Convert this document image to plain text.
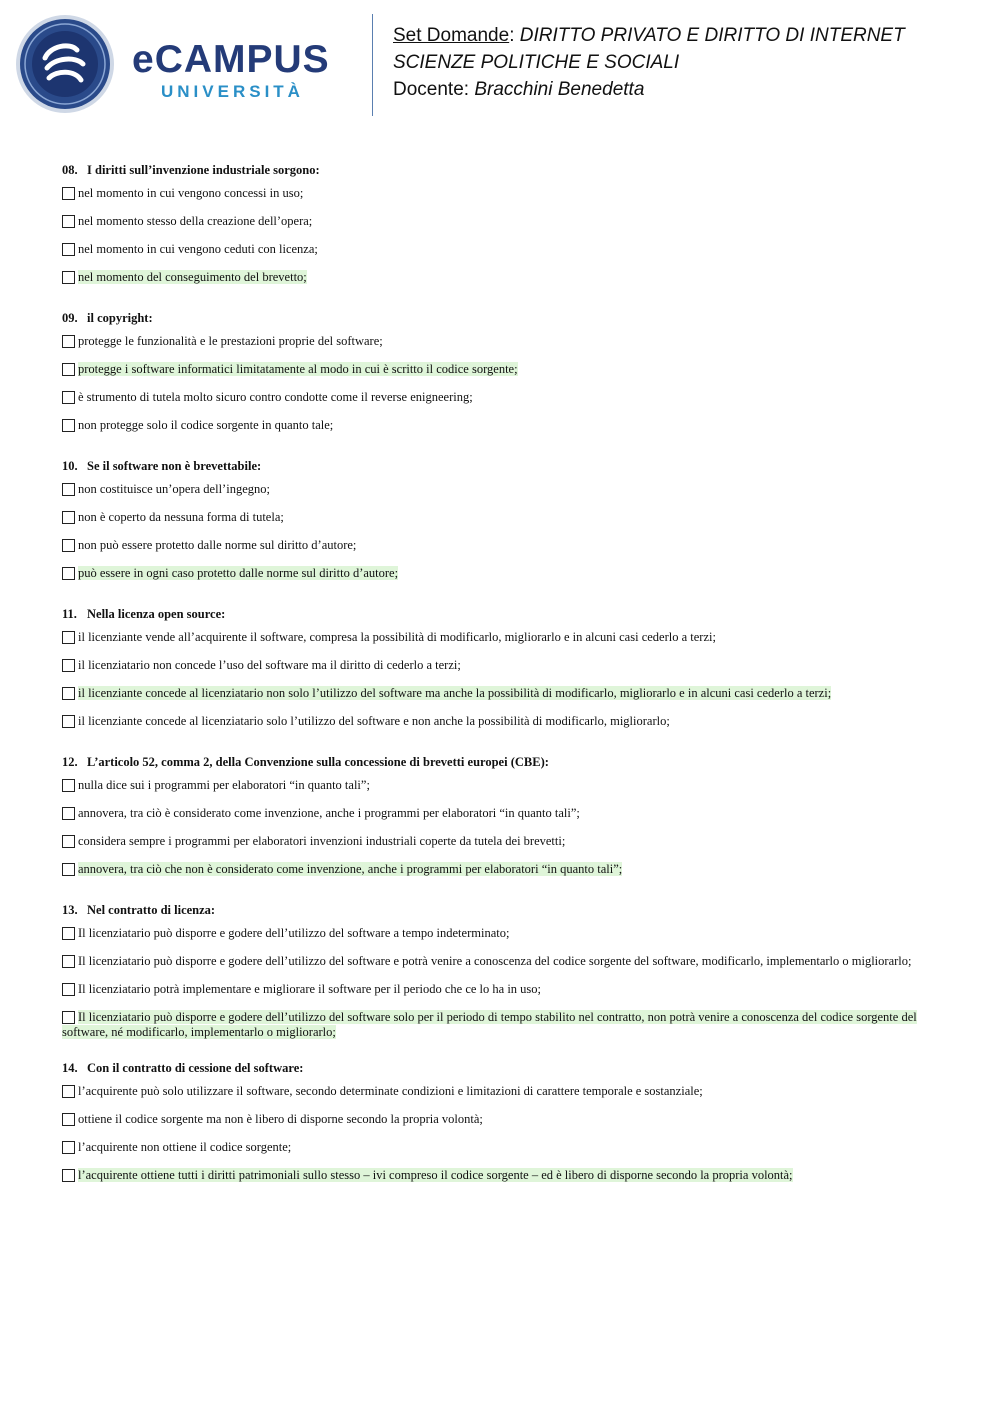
eCAMPUS
UNIVERSITÀ
Set Domande: DIRITTO PRIVATO E DIRITTO DI INTERNET
SCIENZE POLITICHE E SOCIALI
Docente: Bracchini Benedetta
08. I diritti sull’invenzione industriale sorgono:
nel momento in cui vengono concessi in uso;
nel momento stesso della creazione dell’opera;
nel momento in cui vengono ceduti con licenza;
nel momento del conseguimento del brevetto;
09. il copyright:
protegge le funzionalità e le prestazioni proprie del software;
protegge i software informatici limitatamente al modo in cui è scritto il codice sorgente;
è strumento di tutela molto sicuro contro condotte come il reverse enigneering;
non protegge solo il codice sorgente in quanto tale;
10. Se il software non è brevettabile:
non costituisce un’opera dell’ingegno;
non è coperto da nessuna forma di tutela;
non può essere protetto dalle norme sul diritto d’autore;
può essere in ogni caso protetto dalle norme sul diritto d’autore;
11. Nella licenza open source:
il licenziante vende all’acquirente il software, compresa la possibilità di modificarlo, migliorarlo e in alcuni casi cederlo a terzi;
il licenziatario non concede l’uso del software ma il diritto di cederlo a terzi;
il licenziante concede al licenziatario non solo l’utilizzo del software ma anche la possibilità di modificarlo, migliorarlo e in alcuni casi cederlo a terzi;
il licenziante concede al licenziatario solo l’utilizzo del software e non anche la possibilità di modificarlo, migliorarlo;
12. L’articolo 52, comma 2, della Convenzione sulla concessione di brevetti europei (CBE):
nulla dice sui i programmi per elaboratori “in quanto tali”;
annovera, tra ciò è considerato come invenzione, anche i programmi per elaboratori “in quanto tali”;
considera sempre i programmi per elaboratori invenzioni industriali coperte da tutela dei brevetti;
annovera, tra ciò che non è considerato come invenzione, anche i programmi per elaboratori “in quanto tali”;
13. Nel contratto di licenza:
Il licenziatario può disporre e godere dell’utilizzo del software a tempo indeterminato;
Il licenziatario può disporre e godere dell’utilizzo del software e potrà venire a conoscenza del codice sorgente del software, modificarlo, implementarlo o migliorarlo;
Il licenziatario potrà implementare e migliorare il software per il periodo che ce lo ha in uso;
Il licenziatario può disporre e godere dell’utilizzo del software solo per il periodo di tempo stabilito nel contratto, non potrà venire a conoscenza del codice sorgente del software, né modificarlo, implementarlo o migliorarlo;
14. Con il contratto di cessione del software:
l’acquirente può solo utilizzare il software, secondo determinate condizioni e limitazioni di carattere temporale e sostanziale;
ottiene il codice sorgente ma non è libero di disporne secondo la propria volontà;
l’acquirente non ottiene il codice sorgente;
l’acquirente ottiene tutti i diritti patrimoniali sullo stesso – ivi compreso il codice sorgente – ed è libero di disporne secondo la propria volontà;
